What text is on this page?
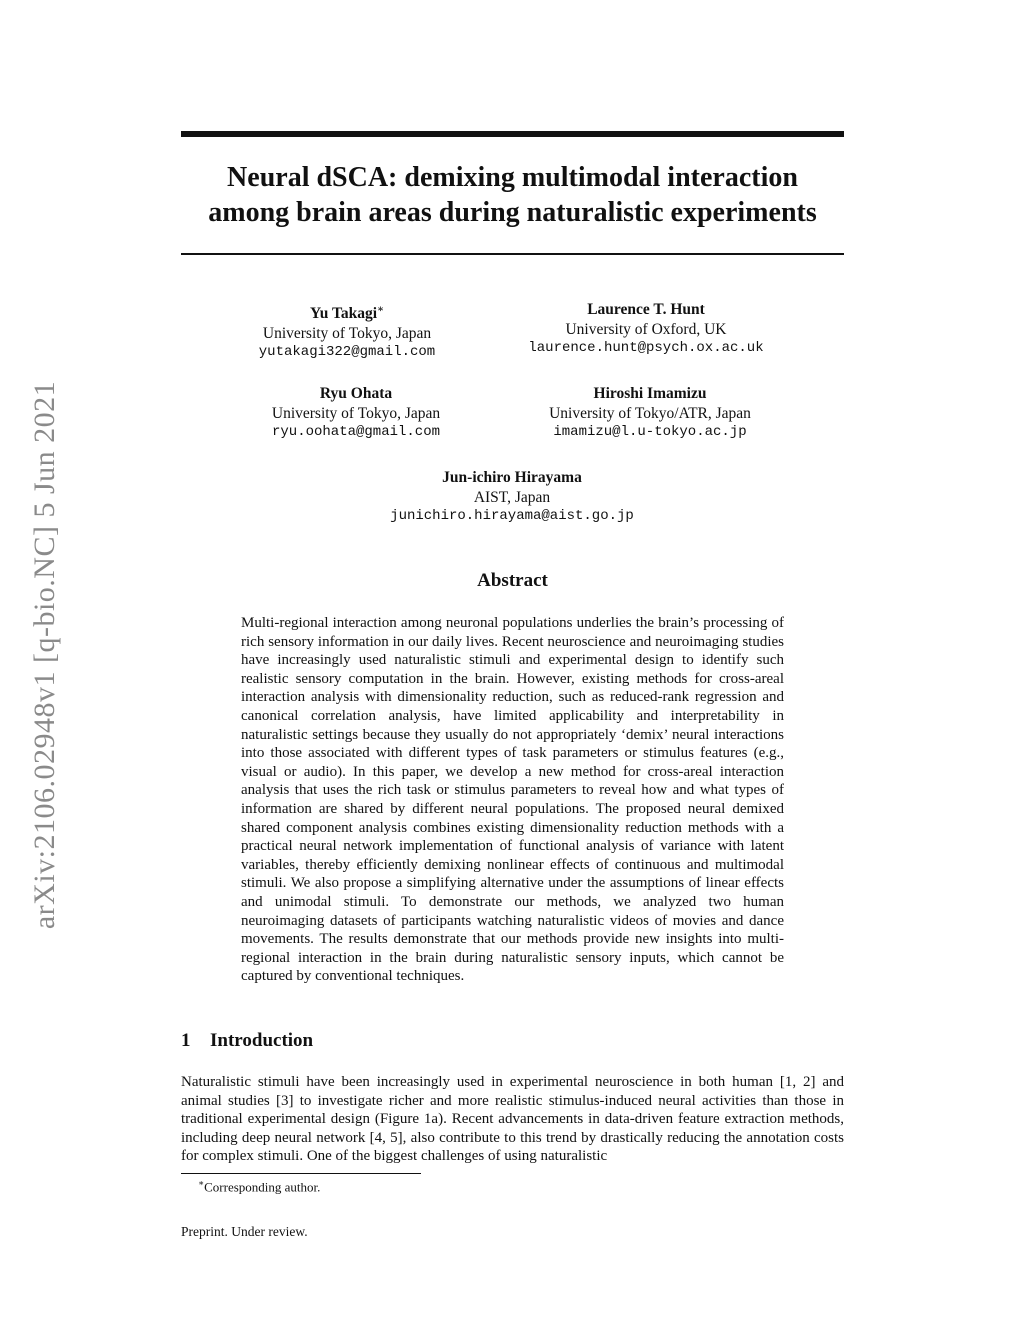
arXiv:2106.02948v1 [q-bio.NC] 5 Jun 2021
Neural dSCA: demixing multimodal interaction
among brain areas during naturalistic experiments
Yu Takagi∗
University of Tokyo, Japan
yutakagi322@gmail.com
Laurence T. Hunt
University of Oxford, UK
laurence.hunt@psych.ox.ac.uk
Ryu Ohata
University of Tokyo, Japan
ryu.oohata@gmail.com
Hiroshi Imamizu
University of Tokyo/ATR, Japan
imamizu@l.u-tokyo.ac.jp
Jun-ichiro Hirayama
AIST, Japan
junichiro.hirayama@aist.go.jp
Abstract

Multi-regional interaction among neuronal populations underlies the brain’s processing of rich sensory information in our daily lives. Recent neuroscience and neuroimaging studies have increasingly used naturalistic stimuli and experimental design to identify such realistic sensory computation in the brain. However, existing methods for cross-areal interaction analysis with dimensionality reduction, such as reduced-rank regression and canonical correlation analysis, have limited applicability and interpretability in naturalistic settings because they usually do not appropriately ‘demix’ neural interactions into those associated with different types of task parameters or stimulus features (e.g., visual or audio). In this paper, we develop a new method for cross-areal interaction analysis that uses the rich task or stimulus parameters to reveal how and what types of information are shared by different neural populations. The proposed neural demixed shared component analysis combines existing dimensionality reduction methods with a practical neural network implementation of functional analysis of variance with latent variables, thereby efficiently demixing nonlinear effects of continuous and multimodal stimuli. We also propose a simplifying alternative under the assumptions of linear effects and unimodal stimuli. To demonstrate our methods, we analyzed two human neuroimaging datasets of participants watching naturalistic videos of movies and dance movements. The results demonstrate that our methods provide new insights into multi-regional interaction in the brain during naturalistic sensory inputs, which cannot be captured by conventional techniques.

1 Introduction

Naturalistic stimuli have been increasingly used in experimental neuroscience in both human [1, 2] and animal studies [3] to investigate richer and more realistic stimulus-induced neural activities than those in traditional experimental design (Figure 1a). Recent advancements in data-driven feature extraction methods, including deep neural network [4, 5], also contribute to this trend by drastically reducing the annotation costs for complex stimuli. One of the biggest challenges of using naturalistic

∗Corresponding author.

Preprint. Under review.
